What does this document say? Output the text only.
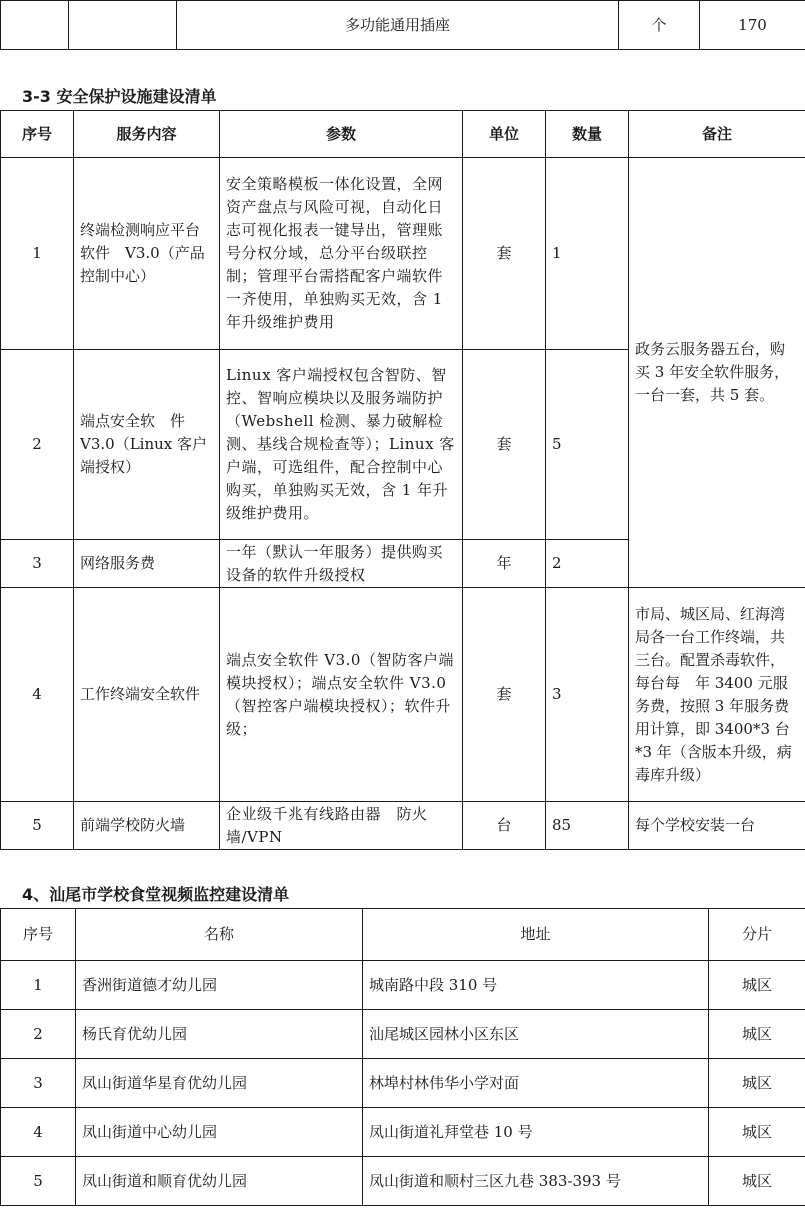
		多功能通用插座	个	170
3-3 安全保护设施建设清单
序号	服务内容	参数	单位	数量	备注
1	终端检测响应平台软件　V3.0（产品控制中心）	安全策略模板一体化设置，全网资产盘点与风险可视，自动化日志可视化报表一键导出，管理账号分权分域，总分平台级联控制；管理平台需搭配客户端软件一齐使用，单独购买无效，含 1 年升级维护费用	套	1	政务云服务器五台，购买 3 年安全软件服务，一台一套，共 5 套。
2	端点安全软　件 V3.0（Linux 客户端授权）	Linux 客户端授权包含智防、智控、智响应模块以及服务端防护（Webshell 检测、暴力破解检测、基线合规检查等）；Linux 客户端，可选组件，配合控制中心购买，单独购买无效，含 1 年升级维护费用。	套	5	
3	网络服务费	一年（默认一年服务）提供购买设备的软件升级授权	年	2	
4	工作终端安全软件	端点安全软件 V3.0（智防客户端模块授权）；端点安全软件 V3.0（智控客户端模块授权）；软件升级；	套	3	市局、城区局、红海湾局各一台工作终端，共三台。配置杀毒软件，每台每　年 3400 元服务费，按照 3 年服务费用计算，即 3400*3 台*3 年（含版本升级，病毒库升级）
5	前端学校防火墙	企业级千兆有线路由器　防火墙/VPN	台	85	每个学校安装一台
4、汕尾市学校食堂视频监控建设清单
序号	名称	地址	分片
1	香洲街道德才幼儿园	城南路中段 310 号	城区
2	杨氏育优幼儿园	汕尾城区园林小区东区	城区
3	凤山街道华星育优幼儿园	林埠村林伟华小学对面	城区
4	凤山街道中心幼儿园	凤山街道礼拜堂巷 10 号	城区
5	凤山街道和顺育优幼儿园	凤山街道和顺村三区九巷 383-393 号	城区
